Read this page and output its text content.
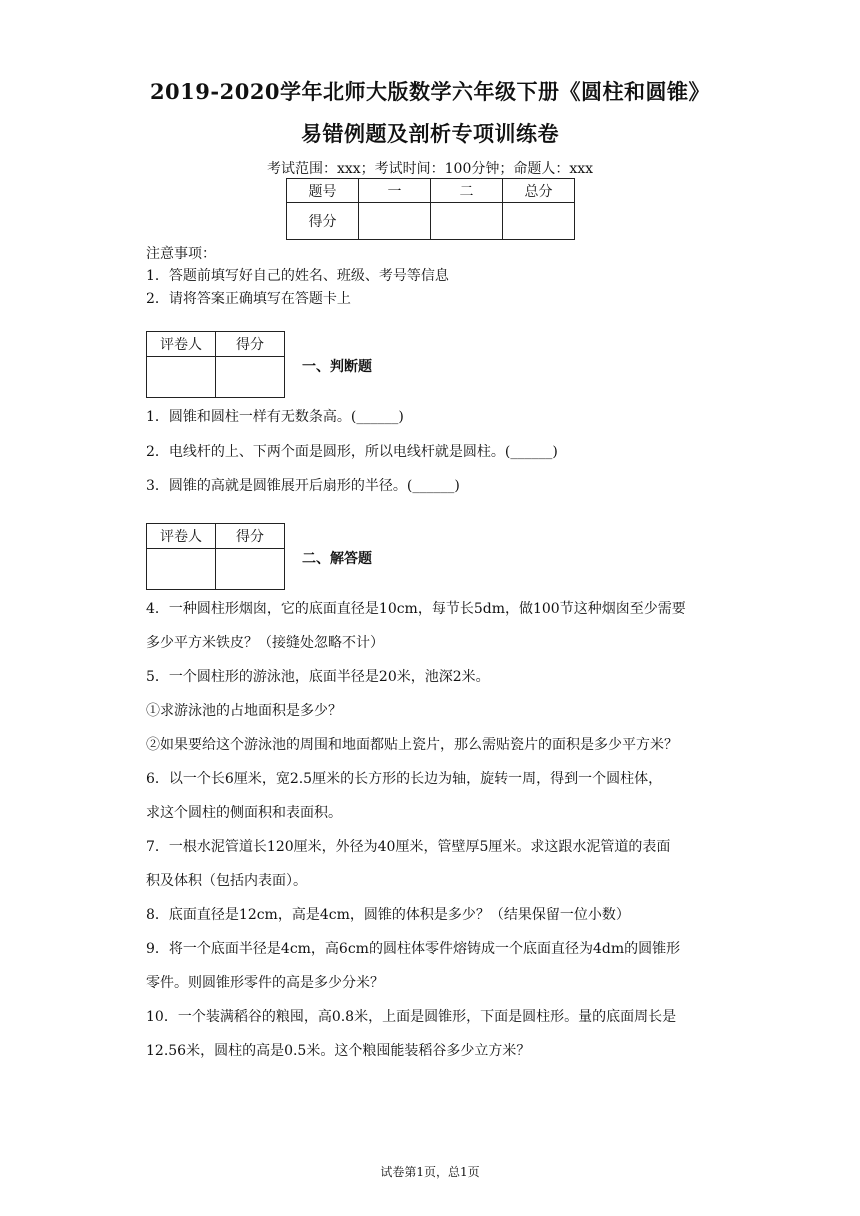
2019-2020学年北师大版数学六年级下册《圆柱和圆锥》
易错例题及剖析专项训练卷
考试范围：xxx；考试时间：100分钟；命题人：xxx
题号	一	二	总分
得分			
注意事项：
1．答题前填写好自己的姓名、班级、考号等信息
2．请将答案正确填写在答题卡上
评卷人	得分

一、判断题
1．圆锥和圆柱一样有无数条高。(______)
2．电线杆的上、下两个面是圆形，所以电线杆就是圆柱。(______)
3．圆锥的高就是圆锥展开后扇形的半径。(______)
评卷人	得分

二、解答题
4．一种圆柱形烟囱，它的底面直径是10cm，每节长5dm，做100节这种烟囱至少需要
多少平方米铁皮？（接缝处忽略不计）
5．一个圆柱形的游泳池，底面半径是20米，池深2米。
①求游泳池的占地面积是多少？
②如果要给这个游泳池的周围和地面都贴上瓷片，那么需贴瓷片的面积是多少平方米？
6．以一个长6厘米，宽2.5厘米的长方形的长边为轴，旋转一周，得到一个圆柱体，
求这个圆柱的侧面积和表面积。
7．一根水泥管道长120厘米，外径为40厘米，管壁厚5厘米。求这跟水泥管道的表面
积及体积（包括内表面）。
8．底面直径是12cm，高是4cm，圆锥的体积是多少？（结果保留一位小数）
9．将一个底面半径是4cm，高6cm的圆柱体零件熔铸成一个底面直径为4dm的圆锥形
零件。则圆锥形零件的高是多少分米？
10．一个装满稻谷的粮囤，高0.8米，上面是圆锥形，下面是圆柱形。量的底面周长是
12.56米，圆柱的高是0.5米。这个粮囤能装稻谷多少立方米？
试卷第1页，总1页
